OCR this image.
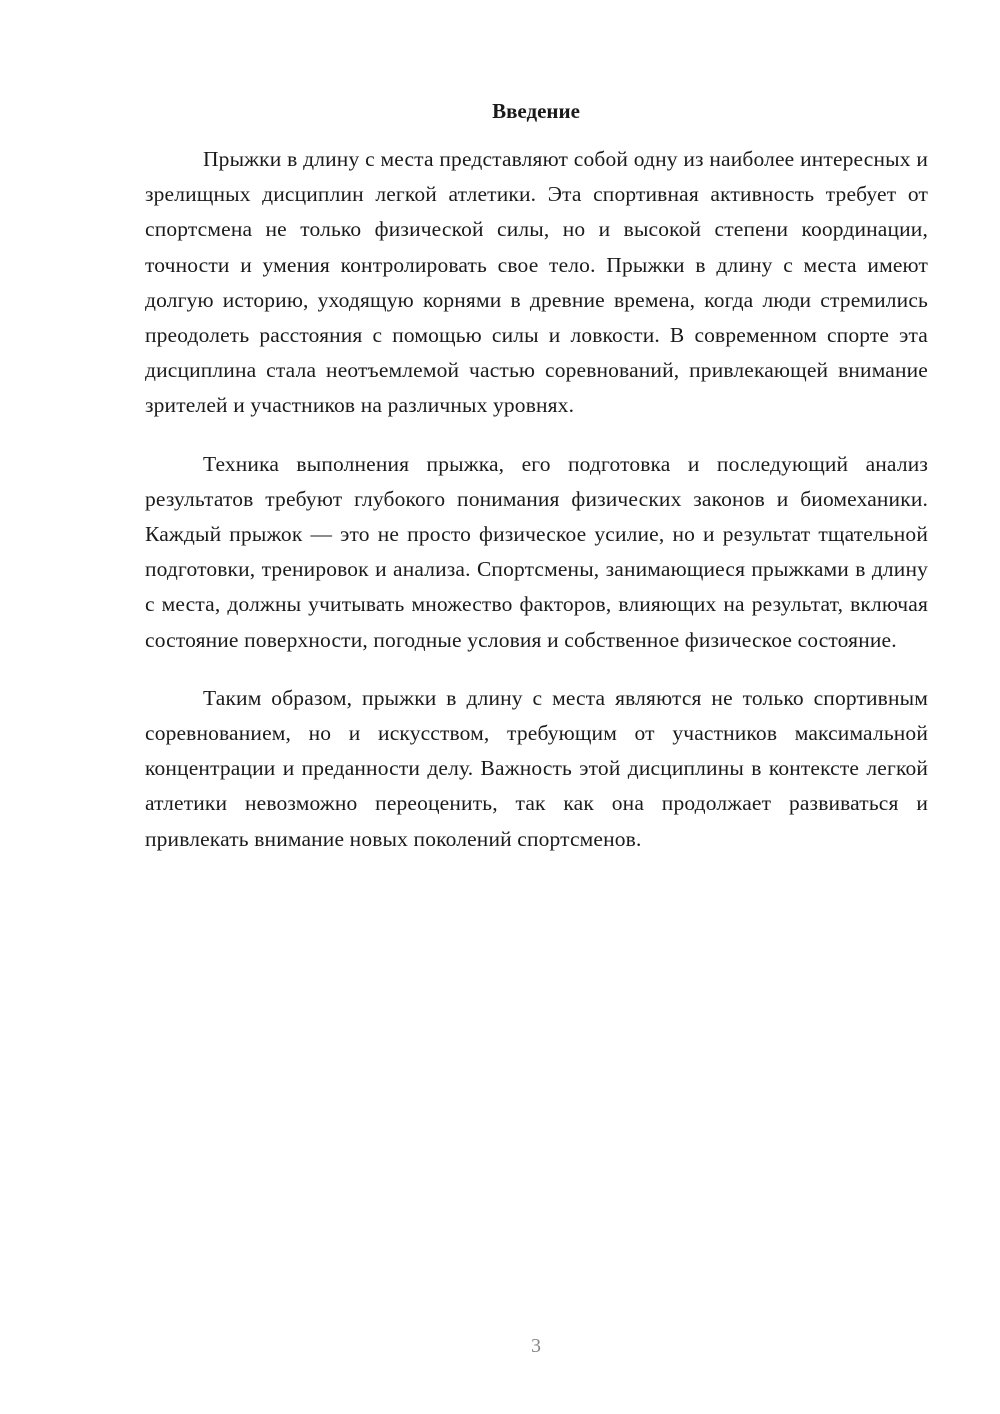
Введение

Прыжки в длину с места представляют собой одну из наиболее интересных и зрелищных дисциплин легкой атлетики. Эта спортивная активность требует от спортсмена не только физической силы, но и высокой степени координации, точности и умения контролировать свое тело. Прыжки в длину с места имеют долгую историю, уходящую корнями в древние времена, когда люди стремились преодолеть расстояния с помощью силы и ловкости. В современном спорте эта дисциплина стала неотъемлемой частью соревнований, привлекающей внимание зрителей и участников на различных уровнях.

Техника выполнения прыжка, его подготовка и последующий анализ результатов требуют глубокого понимания физических законов и биомеханики. Каждый прыжок — это не просто физическое усилие, но и результат тщательной подготовки, тренировок и анализа. Спортсмены, занимающиеся прыжками в длину с места, должны учитывать множество факторов, влияющих на результат, включая состояние поверхности, погодные условия и собственное физическое состояние.

Таким образом, прыжки в длину с места являются не только спортивным соревнованием, но и искусством, требующим от участников максимальной концентрации и преданности делу. Важность этой дисциплины в контексте легкой атлетики невозможно переоценить, так как она продолжает развиваться и привлекать внимание новых поколений спортсменов.

3
